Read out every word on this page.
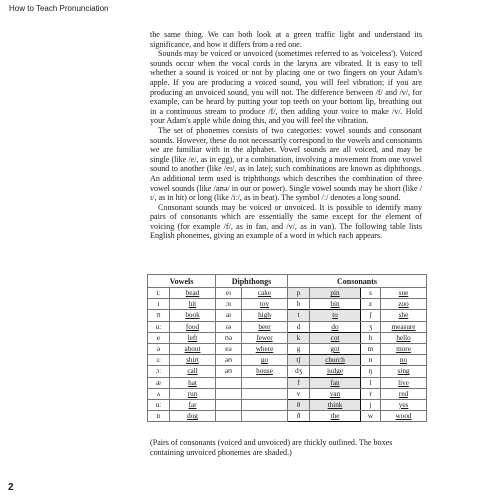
How to Teach Pronunciation

the same thing. We can both look at a green traffic light and understand its significance, and how it differs from a red one.

Sounds may be voiced or unvoiced (sometimes referred to as 'voiceless'). Voiced sounds occur when the vocal cords in the larynx are vibrated. It is easy to tell whether a sound is voiced or not by placing one or two fingers on your Adam's apple. If you are producing a voiced sound, you will feel vibration; if you are producing an unvoiced sound, you will not. The difference between /f/ and /v/, for example, can be heard by putting your top teeth on your bottom lip, breathing out in a continuous stream to produce /f/, then adding your voice to make /v/. Hold your Adam's apple while doing this, and you will feel the vibration.

The set of phonemes consists of two categories: vowel sounds and consonant sounds. However, these do not necessarily correspond to the vowels and consonants we are familiar with in the alphabet. Vowel sounds are all voiced, and may be single (like /e/, as in egg), or a combination, involving a movement from one vowel sound to another (like /eɪ/, as in late); such combinations are known as diphthongs. An additional term used is triphthongs which describes the combination of three vowel sounds (like /aʊə/ in our or power). Single vowel sounds may be short (like /ɪ/, as in hit) or long (like /iː/, as in beat). The symbol /ː/ denotes a long sound.

Consonant sounds may be voiced or unvoiced. It is possible to identify many pairs of consonants which are essentially the same except for the element of voicing (for example /f/, as in fan, and /v/, as in van). The following table lists English phonemes, giving an example of a word in which each appears.

Vowels		Diphthongs		Consonants			
iː	bead	eɪ	cake	p	pin	s	sue
ɪ	hit	ɔɪ	toy	b	bin	z	zoo
ʊ	book	aɪ	high	t	to	ʃ	she
uː	food	ɪə	beer	d	do	ʒ	measure
e	left	ʊə	fewer	k	cot	h	hello
ə	about	eə	where	g	got	m	more
ɜː	shirt	əʊ	go	tʃ	church	n	no
ɔː	call	aʊ	house	dʒ	judge	ŋ	sing
æ	hat			f	fan	l	live
ʌ	run			v	van	r	red
ɑː	far			θ	think	j	yes
ɒ	dog			ð	the	w	wood
(Pairs of consonants (voiced and unvoiced) are thickly outlined. The boxes containing unvoiced phonemes are shaded.)
2
